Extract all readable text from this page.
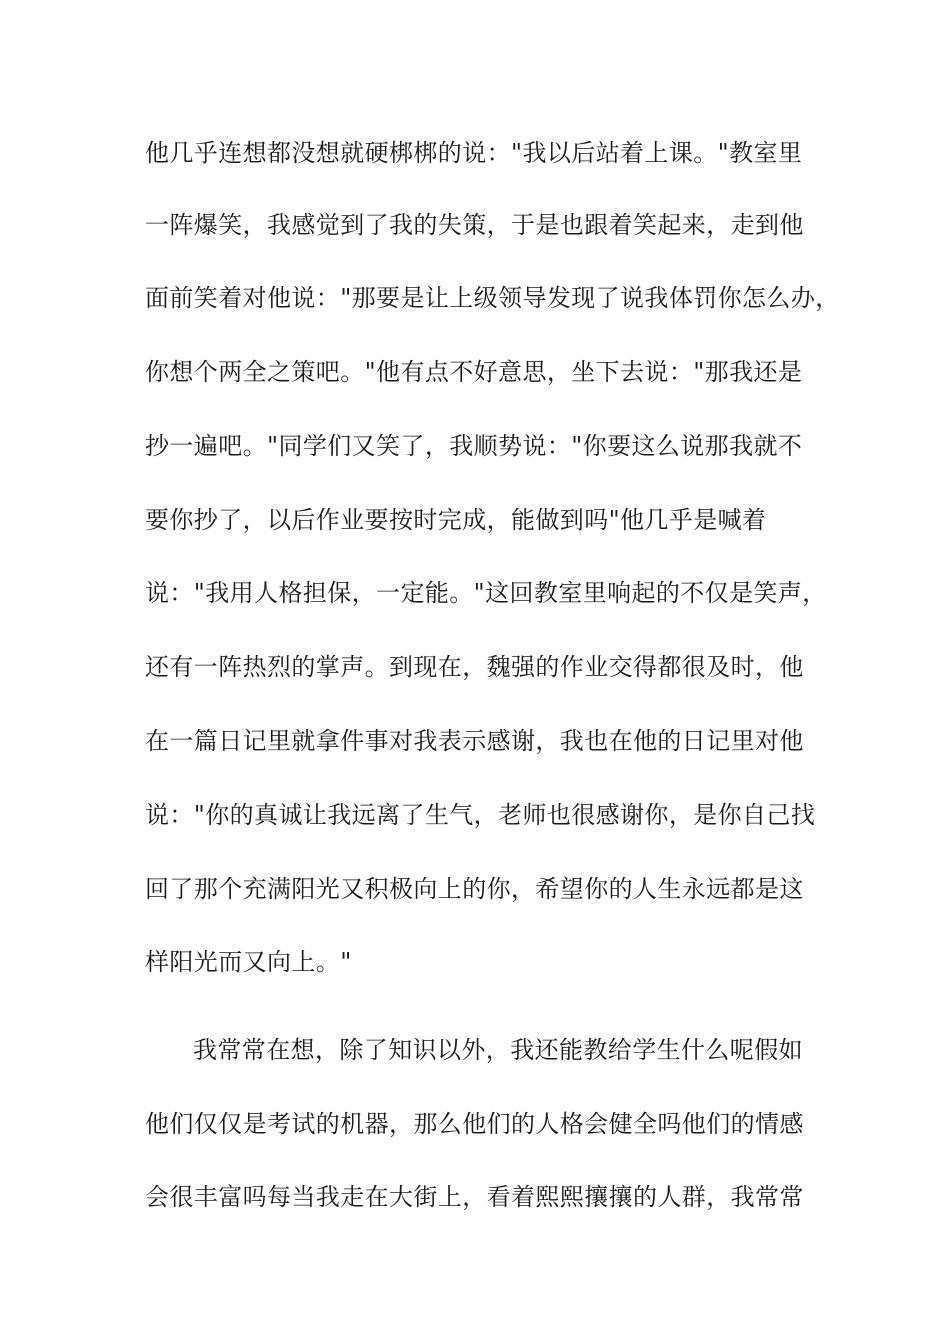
他几乎连想都没想就硬梆梆的说："我以后站着上课。"教室里
一阵爆笑，我感觉到了我的失策，于是也跟着笑起来，走到他
面前笑着对他说："那要是让上级领导发现了说我体罚你怎么办，
你想个两全之策吧。"他有点不好意思，坐下去说："那我还是
抄一遍吧。"同学们又笑了，我顺势说："你要这么说那我就不
要你抄了，以后作业要按时完成，能做到吗"他几乎是喊着
说："我用人格担保，一定能。"这回教室里响起的不仅是笑声，
还有一阵热烈的掌声。到现在，魏强的作业交得都很及时，他
在一篇日记里就拿件事对我表示感谢，我也在他的日记里对他
说："你的真诚让我远离了生气，老师也很感谢你，是你自己找
回了那个充满阳光又积极向上的你，希望你的人生永远都是这
样阳光而又向上。"
我常常在想，除了知识以外，我还能教给学生什么呢假如
他们仅仅是考试的机器，那么他们的人格会健全吗他们的情感
会很丰富吗每当我走在大街上，看着熙熙攘攘的人群，我常常
